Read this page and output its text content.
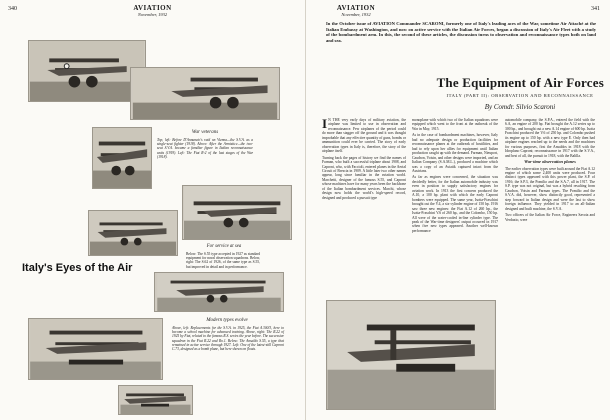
340	AVIATION
November, 1932
War veterans
Top, left: Before D'Annunzio's raid on Vienna—the S.V.A. as a single-seat fighter (1918). Above: After the Armistice—the two-seat S.V.A. became a familiar figure in Italian reconnaissance units (1919). Left: The Fiat R-2 of the last stages of the War (1918).
Italy's Eyes of the Air
For service at sea
Below: The S.55 type accepted in 1927 as standard equipment for naval observation squadrons. Below, right: The S.62 of 1926, of the same type as S.55, but improved in detail and in performance.
Modern types evolve
Above, left: Replacements for the S.V.A. in 1925, the Fiat A.300/3, here to become a school machine for advanced training. Above, right: The R.22 of 1925 by Fiat, related to the famous R.S. series the year before. The successive squadron in the Fiat R.22 and Ro.1. Below: The Ansaldo S.55, a type that remained in active service through 1927. Left: One of the latest-still Caproni C.73, designed as a bomb plane, but here shown on floats.
AVIATION
November, 1932
341
In the October issue of AVIATION Commander SCARONI, formerly one of Italy's leading aces of the War, sometime Air Attaché at the Italian Embassy at Washington, and now on active service with the Italian Air Forces, began a discussion of Italy's Air Fleet with a study of the bombardment arm. In this, the second of these articles, the discussion turns to observation and reconnaissance types both on land and sea.
The Equipment of Air Forces
ITALY (PART II): OBSERVATION AND RECONNAISSANCE
By Comdr. Silvio Scaroni

I N THE very early days of military aviation, the airplane was limited to use in observation and reconnaissance. Few airplanes of the period could do more than stagger off the ground and it was thought improbable that any effective quantity of guns, bombs or ammunition could ever be carried. The story of early observation types in Italy is, therefore, the story of the airplane itself.

Turning back the pages of history we find the names of Farman, who built a successful triplane about 1908, and Caproni, who, with Faccioli, entered planes in the Aerial Circuit of Brescia in 1909. A little later two other names appear, long since familiar in the aviation world. Marchetti, designer of the famous S.55, and Caproni whose machines have for many years been the backbone of the Italian bombardment services. Marchi, whose design now holds the world's high-speed record, designed and produced a pursuit type

monoplane with which two of the Italian squadrons were equipped which went to the front at the outbreak of the War in May, 1915.

As in the case of bombardment machines, however, Italy had no adequate design or production facilities for reconnaissance planes at the outbreak of hostilities, and had to rely upon her allies for equipment until Italian production caught up with the demand. Farman, Nieuport, Caudron, Voisin, and other designs were imported, and an Italian Company (S.A.M.L.), produced a machine which was a copy of an Aviatik captured intact from the Austrians.

As far as engines were concerned, the situation was decidedly better, for the Italian automobile industry was even in position to supply satisfactory engines for aviation work. In 1913 the first concern produced the A.10, a 100 hp. plant with which the early Caproni bombers were equipped. The same year, Isotta-Fraschini brought out the V.4, a six-cylinder engine of 150 hp. 1916 saw three new engines: the Fiat A.12 of 260 hp., the Isotta-Fraschini V.6 of 260 hp., and the Colombo, 150 hp. All were of the water-cooled in-line cylinder type. The peak of the War-time designers' output occurred in 1917 when five new types appeared. Another well-known performance

automobile company, the S.P.A., entered the field with the 6.A, an engine of 200 hp. Fiat brought the A.12 series up to 300 hp., and brought out a new A.14 engine of 600 hp. Isotta Fraschini produced the V.6 of 250 hp. and Colombo pushed its engine up to 150 hp. with a new type E. Only then had airplane engines reached up to the needs and the machines for various purposes, first the Ansaldos in 1918 with the Idroplano Caproni; reconnaissance in 1917 with the S.V.A., and best of all, the pursuit in 1918, with the Balilla.

War-time observation planes

The earlier observation types were built around the Fiat A.12 engine of which some 2,400 units were produced. Four distinct types appeared with this power plant, the S.P. of 1916; the S.P.3, the Pomilio and the S.A.7, all in 1917. The S.P. type was not original, but was a hybrid resulting from Caudron, Voisin and Farman types. The Pomilio and the S.V.A. did, however, show distinctly good, represented a step forward in Italian design and were the last to show foreign influence. They yielded in 1917 to an all-Italian designed and built machine, the S.V.A.

Two officers of the Italian Air Force, Engineers Savoia and Verduzio, were
